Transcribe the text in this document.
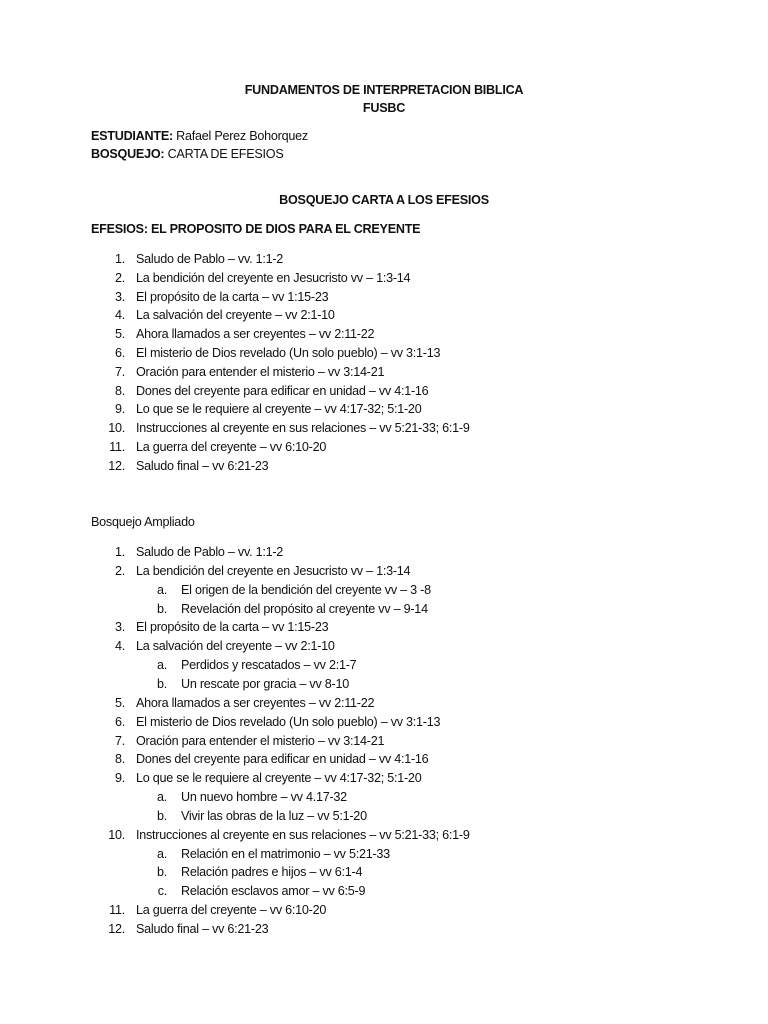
FUNDAMENTOS DE INTERPRETACION BIBLICA
FUSBC
ESTUDIANTE: Rafael Perez Bohorquez
BOSQUEJO: CARTA DE EFESIOS
BOSQUEJO CARTA A LOS EFESIOS
EFESIOS: EL PROPOSITO DE DIOS PARA EL CREYENTE
1. Saludo de Pablo – vv. 1:1-2
2. La bendición del creyente en Jesucristo vv – 1:3-14
3. El propósito de la carta – vv 1:15-23
4. La salvación del creyente – vv 2:1-10
5. Ahora llamados a ser creyentes – vv 2:11-22
6. El misterio de Dios revelado (Un solo pueblo) – vv 3:1-13
7. Oración para entender el misterio – vv 3:14-21
8. Dones del creyente para edificar en unidad – vv 4:1-16
9. Lo que se le requiere al creyente – vv 4:17-32; 5:1-20
10. Instrucciones al creyente en sus relaciones – vv 5:21-33; 6:1-9
11. La guerra del creyente – vv 6:10-20
12. Saludo final – vv 6:21-23
Bosquejo Ampliado
1. Saludo de Pablo – vv. 1:1-2
2. La bendición del creyente en Jesucristo vv – 1:3-14
a. El origen de la bendición del creyente vv – 3 -8
b. Revelación del propósito al creyente vv – 9-14
3. El propósito de la carta – vv 1:15-23
4. La salvación del creyente – vv 2:1-10
a. Perdidos y rescatados – vv 2:1-7
b. Un rescate por gracia – vv 8-10
5. Ahora llamados a ser creyentes – vv 2:11-22
6. El misterio de Dios revelado (Un solo pueblo) – vv 3:1-13
7. Oración para entender el misterio – vv 3:14-21
8. Dones del creyente para edificar en unidad – vv 4:1-16
9. Lo que se le requiere al creyente – vv 4:17-32; 5:1-20
a. Un nuevo hombre – vv 4.17-32
b. Vivir las obras de la luz – vv 5:1-20
10. Instrucciones al creyente en sus relaciones – vv 5:21-33; 6:1-9
a. Relación en el matrimonio – vv 5:21-33
b. Relación padres e hijos – vv 6:1-4
c. Relación esclavos amor – vv 6:5-9
11. La guerra del creyente – vv 6:10-20
12. Saludo final – vv 6:21-23
